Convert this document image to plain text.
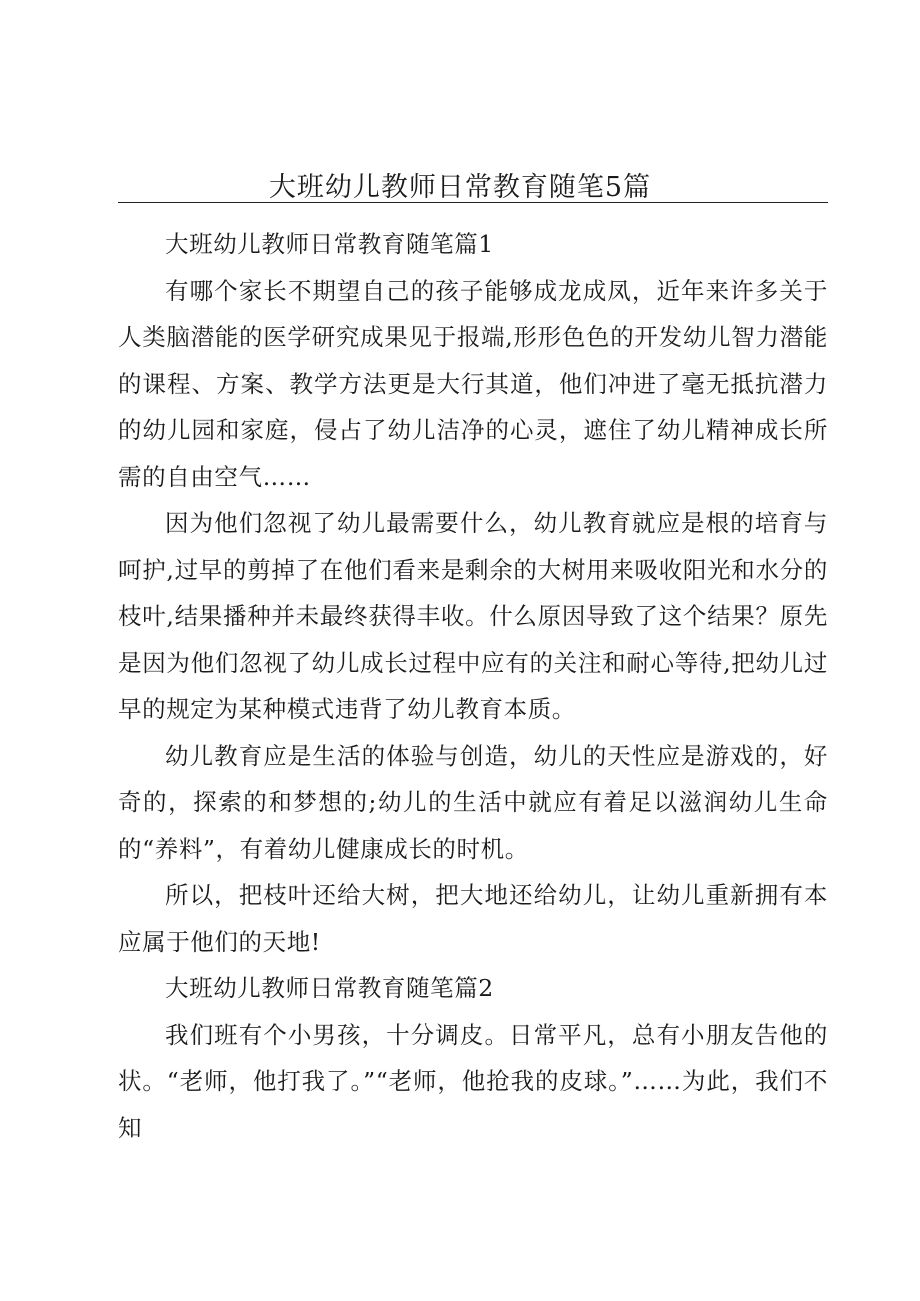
大班幼儿教师日常教育随笔5篇

大班幼儿教师日常教育随笔篇1

有哪个家长不期望自己的孩子能够成龙成凤，近年来许多关于人类脑潜能的医学研究成果见于报端,形形色色的开发幼儿智力潜能的课程、方案、教学方法更是大行其道，他们冲进了毫无抵抗潜力的幼儿园和家庭，侵占了幼儿洁净的心灵，遮住了幼儿精神成长所需的自由空气……

因为他们忽视了幼儿最需要什么，幼儿教育就应是根的培育与呵护,过早的剪掉了在他们看来是剩余的大树用来吸收阳光和水分的枝叶,结果播种并未最终获得丰收。什么原因导致了这个结果？原先是因为他们忽视了幼儿成长过程中应有的关注和耐心等待,把幼儿过早的规定为某种模式违背了幼儿教育本质。

幼儿教育应是生活的体验与创造，幼儿的天性应是游戏的，好奇的，探索的和梦想的;幼儿的生活中就应有着足以滋润幼儿生命的“养料”，有着幼儿健康成长的时机。

所以，把枝叶还给大树，把大地还给幼儿，让幼儿重新拥有本应属于他们的天地!

大班幼儿教师日常教育随笔篇2

我们班有个小男孩，十分调皮。日常平凡，总有小朋友告他的状。“老师，他打我了。”“老师，他抢我的皮球。”……为此，我们不知
